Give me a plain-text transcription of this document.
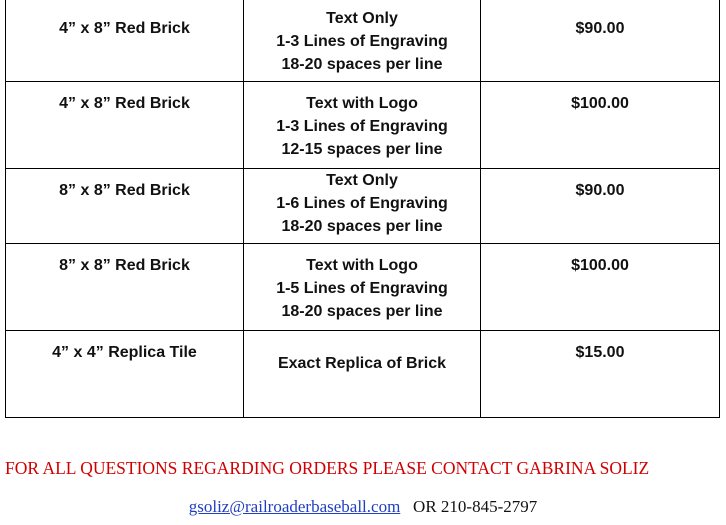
4” x 8” Red Brick	Text Only
1-3 Lines of Engraving
18-20 spaces per line	$90.00

4” x 8” Red Brick	Text with Logo
1-3 Lines of Engraving
12-15 spaces per line	$100.00

8” x 8” Red Brick	Text Only
1-6 Lines of Engraving
18-20 spaces per line	$90.00

8” x 8” Red Brick	Text with Logo
1-5 Lines of Engraving
18-20 spaces per line	$100.00

4” x 4” Replica Tile	Exact Replica of Brick	$15.00

FOR ALL QUESTIONS REGARDING ORDERS PLEASE CONTACT GABRINA SOLIZ

gsoliz@railroaderbaseball.com OR 210-845-2797
